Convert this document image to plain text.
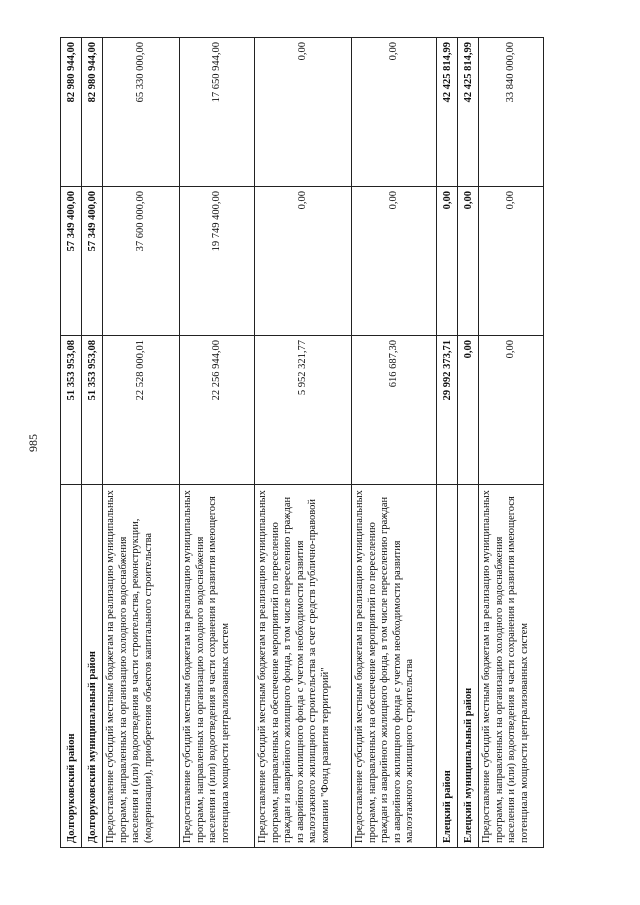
985
Долгоруковский район	51 353 953,08	57 349 400,00	82 980 944,00
Долгоруковский муниципальный район	51 353 953,08	57 349 400,00	82 980 944,00
Предоставление субсидий местным бюджетам на реализацию муниципальных программ, направленных на организацию холодного водоснабжения населения и (или) водоотведения в части строительства, реконструкции, (модернизации), приобретения объектов капитального строительства	22 528 000,01	37 600 000,00	65 330 000,00
Предоставление субсидий местным бюджетам на реализацию муниципальных программ, направленных на организацию холодного водоснабжения населения и (или) водоотведения в части сохранения и развития имеющегося потенциала мощности централизованных систем	22 256 944,00	19 749 400,00	17 650 944,00
Предоставление субсидий местным бюджетам на реализацию муниципальных программ, направленных на обеспечение мероприятий по переселению граждан из аварийного жилищного фонда, в том числе переселению граждан из аварийного жилищного фонда с учетом необходимости развития малоэтажного жилищного строительства за счет средств публично-правовой компании "Фонд развития территорий"	5 952 321,77	0,00	0,00
Предоставление субсидий местным бюджетам на реализацию муниципальных программ, направленных на обеспечение мероприятий по переселению граждан из аварийного жилищного фонда, в том числе переселению граждан из аварийного жилищного фонда с учетом необходимости развития малоэтажного жилищного строительства	616 687,30	0,00	0,00
Елецкий район	29 992 373,71	0,00	42 425 814,99
Елецкий муниципальный район	0,00	0,00	42 425 814,99
Предоставление субсидий местным бюджетам на реализацию муниципальных программ, направленных на организацию холодного водоснабжения населения и (или) водоотведения в части сохранения и развития имеющегося потенциала мощности централизованных систем	0,00	0,00	33 840 000,00
